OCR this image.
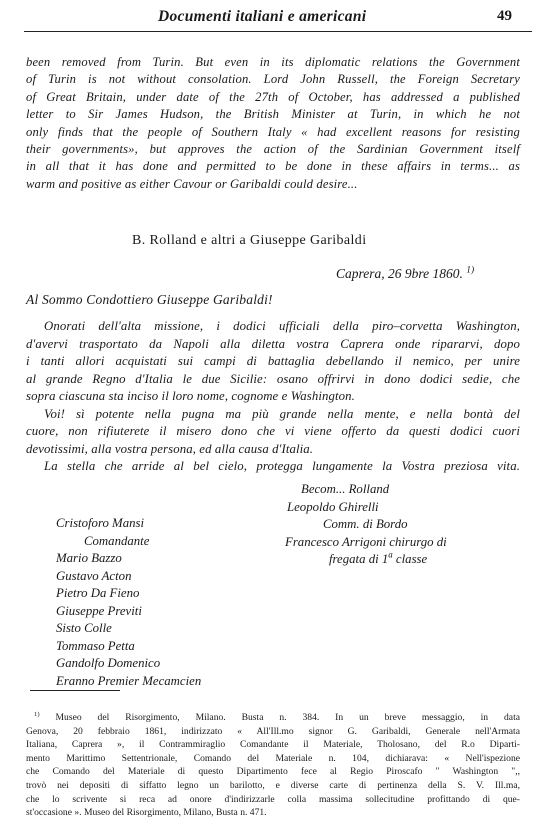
Documenti italiani e americani	49
been removed from Turin. But even in its diplomatic relations the Government
of Turin is not without consolation. Lord John Russell, the Foreign Secretary
of Great Britain, under date of the 27th of October, has addressed a published
letter to Sir James Hudson, the British Minister at Turin, in which he not
only finds that the people of Southern Italy « had excellent reasons for resisting
their governments», but approves the action of the Sardinian Government itself
in all that it has done and permitted to be done in these affairs in terms... as
warm and positive as either Cavour or Garibaldi could desire...
B. Rolland e altri a Giuseppe Garibaldi
Caprera, 26 9bre 1860. $^{1)}$
Al Sommo Condottiero Giuseppe Garibaldi!
Onorati dell'alta missione, i dodici ufficiali della piro–corvetta Washington,
d'avervi trasportato da Napoli alla diletta vostra Caprera onde ripararvi, dopo
i tanti allori acquistati sui campi di battaglia debellando il nemico, per unire
al grande Regno d'Italia le due Sicilie: osano offrirvi in dono dodici sedie, che
sopra ciascuna sta inciso il loro nome, cognome e Washington.
Voi! sì potente nella pugna ma più grande nella mente, e nella bontà del
cuore, non rifiuterete il misero dono che vi viene offerto da questi dodici cuori
devotissimi, alla vostra persona, ed alla causa d'Italia.
La stella che arride al bel cielo, protegga lungamente la Vostra preziosa vita.
Becom... Rolland
Leopoldo Ghirelli
Comm. di Bordo
Francesco Arrigoni chirurgo di
fregata di 1$^a$ classe
Cristoforo Mansi
Comandante
Mario Bazzo
Gustavo Acton
Pietro Da Fieno
Giuseppe Previti
Sisto Colle
Tommaso Petta
Gandolfo Domenico
Eranno Premier Mecamcien
$^{1)}$ Museo del Risorgimento, Milano. Busta n. 384. In un breve messaggio, in data
Genova, 20 febbraio 1861, indirizzato « All'Ill.mo signor G. Garibaldi, Generale nell'Armata
Italiana, Caprera », il Contrammiraglio Comandante il Materiale, Tholosano, del R.o Diparti-
mento Marittimo Settentrionale, Comando del Materiale n. 104, dichiarava: « Nell'ispezione
che Comando del Materiale di questo Dipartimento fece al Regio Piroscafo " Washington ",,
trovò nei depositi di siffatto legno un barilotto, e diverse carte di pertinenza della S. V. Ill.ma,
che lo scrivente si reca ad onore d'indirizzarle colla massima sollecitudine profittando di que-
st'occasione ». Museo del Risorgimento, Milano, Busta n. 471.
